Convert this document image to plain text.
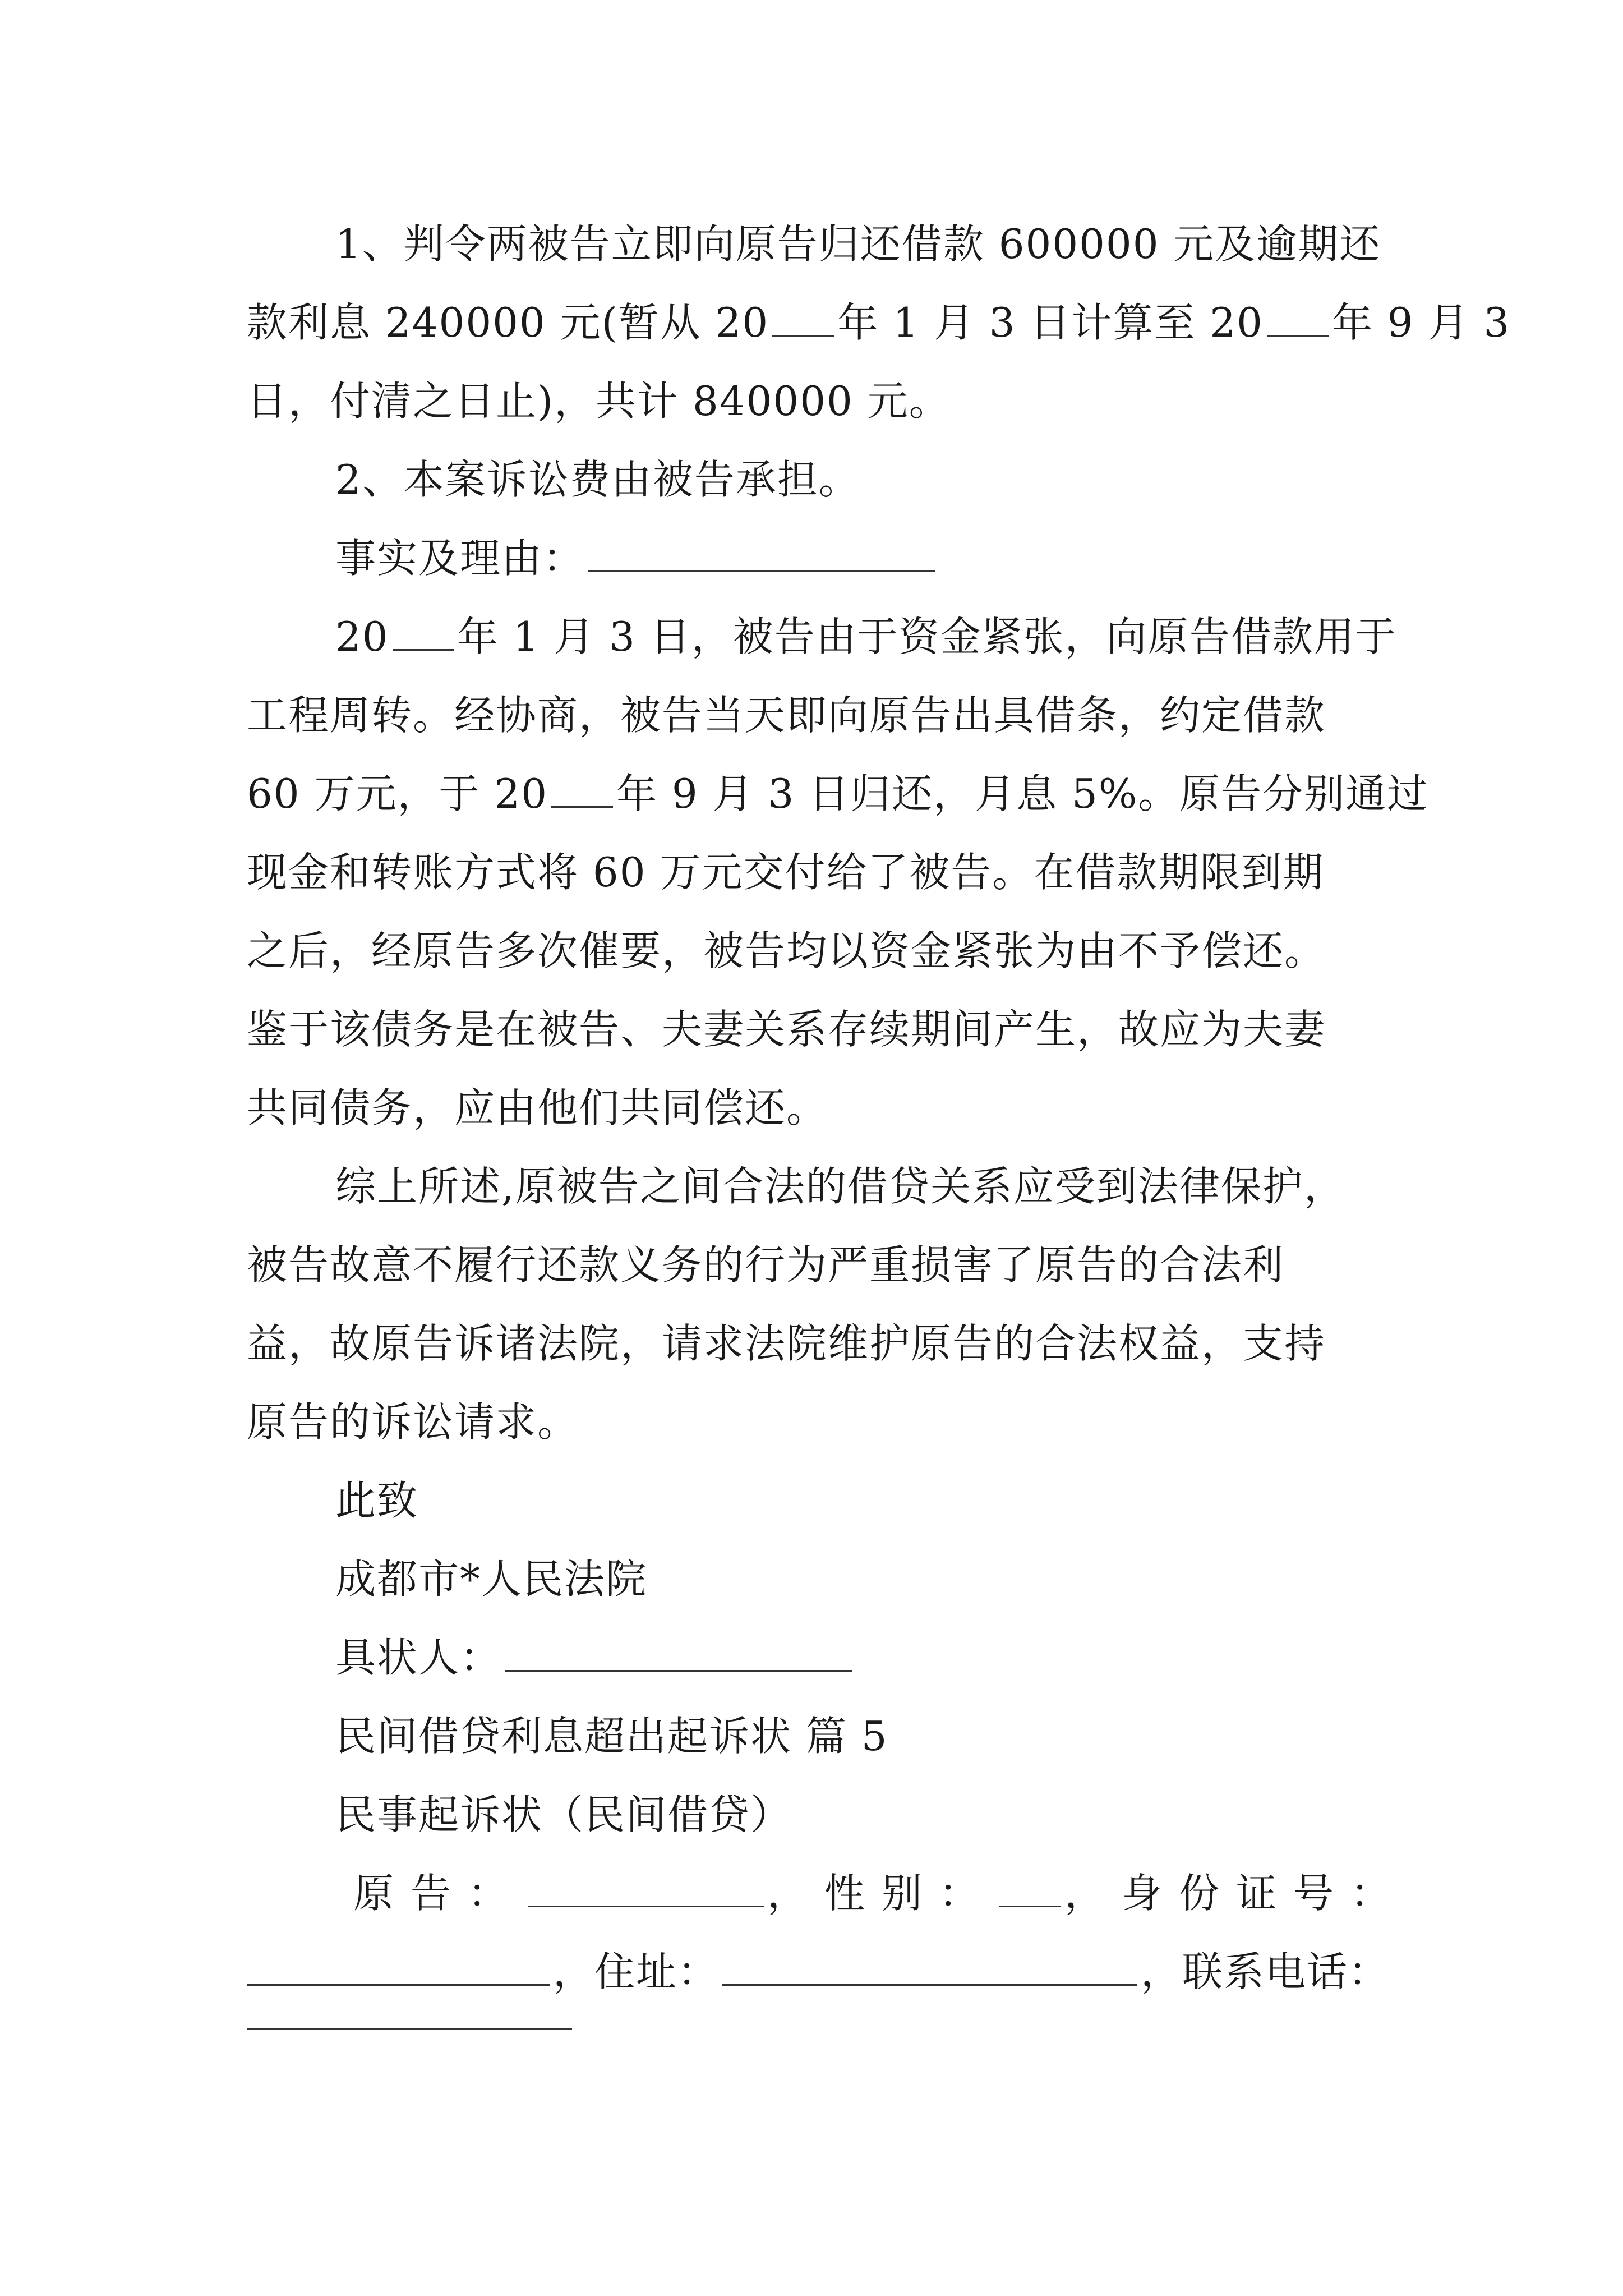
1、判令两被告立即向原告归还借款 600000 元及逾期还
款利息 240000 元(暂从 20 年 1 月 3 日计算至 20 年 9 月 3
日，付清之日止)，共计 840000 元。
2、本案诉讼费由被告承担。
事实及理由：
20 年 1 月 3 日，被告由于资金紧张，向原告借款用于
工程周转。经协商，被告当天即向原告出具借条，约定借款
60 万元，于 20 年 9 月 3 日归还，月息 5%。原告分别通过
现金和转账方式将 60 万元交付给了被告。在借款期限到期
之后，经原告多次催要，被告均以资金紧张为由不予偿还。
鉴于该债务是在被告、夫妻关系存续期间产生，故应为夫妻
共同债务，应由他们共同偿还。
综上所述,原被告之间合法的借贷关系应受到法律保护，
被告故意不履行还款义务的行为严重损害了原告的合法利
益，故原告诉诸法院，请求法院维护原告的合法权益，支持
原告的诉讼请求。
此致
成都市*人民法院
具状人：
民间借贷利息超出起诉状 篇 5
民事起诉状（民间借贷）
原告：	，性别： ，身份证号：
，住址：	，联系电话：
